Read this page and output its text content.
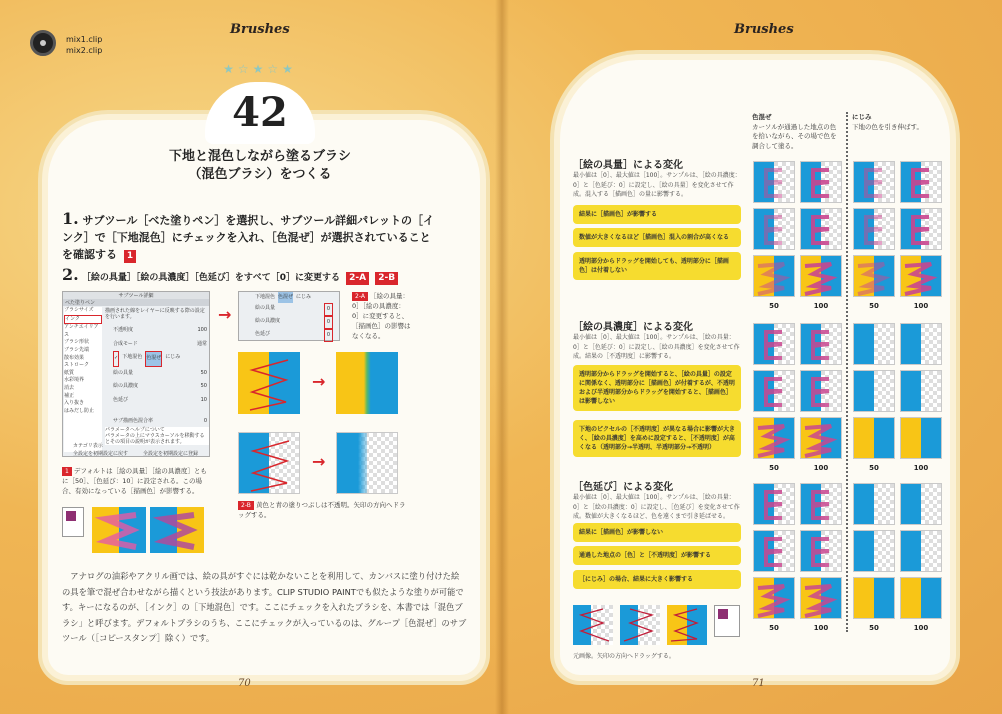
Brushes	Brushes
mix1.clip
mix2.clip
★☆★☆★
42
下地と混色しながら塗るブラシ
（混色ブラシ）をつくる
1. サブツール［べた塗りペン］を選択し、サブツール詳細パレットの［インク］で［下地混色］にチェックを入れ、［色混ぜ］が選択されていることを確認する 1
2. ［絵の具量］［絵の具濃度］［色延び］をすべて［0］に変更する 2-A 2-B
サブツール詳細
べた塗りペン
ブラシサイズ
インク
アンチエイリアス
ブラシ形状
ブラシ先端
散布効果
ストローク
紙質
水彩境界
消去
補正
入り抜き
はみだし防止
描画された線をレイヤーに反映する際の設定を行います。
不透明度	100
合成モード	通常
✓ 下地混色 色混ぜ にじみ
絵の具量	50
絵の具濃度	50
色延び	10
サブ描画色混合率	0
パラメータヘルプについて
パラメータの上にマウスカーソルを移動するとその項目の説明が表示されます。
カテゴリ表示
全設定を初期設定に戻す	全設定を初期設定に登録
→
下地混色 色混ぜ にじみ
絵の具量	0
絵の具濃度	0
色延び	0
2-A ［絵の具量：0］［絵の具濃度：0］に変更すると、［描画色］の影響はなくなる。
→
→
2-B 黄色と青の塗りつぶしは不透明。矢印の方向へドラッグする。
1 デフォルトは［絵の具量］［絵の具濃度］ともに［50］、［色延び：10］に設定される。この場合、有効になっている［描画色］が影響する。
アナログの油彩やアクリル画では、絵の具がすぐには乾かないことを利用して、カンバスに塗り付けた絵の具を筆で混ぜ合わせながら描くという技法があります。CLIP STUDIO PAINTでも似たような塗りが可能です。キーになるのが、［インク］の［下地混色］です。ここにチェックを入れたブラシを、本書では「混色ブラシ」と呼びます。デフォルトブラシのうち、ここにチェックが入っているのは、グループ［色混ぜ］のサブツール（［コピースタンプ］除く）です。
70
色混ぜ
カーソルが通過した地点の色を拾いながら、その場で色を調合して塗る。
にじみ
下地の色を引き伸ばす。
［絵の具量］による変化
最小値は［0］、最大値は［100］。サンプルは、［絵の具濃度：0］と［色延び：0］に設定し、［絵の具量］を変化させて作成。混入する［描画色］の量に影響する。
結果に［描画色］が影響する
数値が大きくなるほど［描画色］混入の割合が高くなる
透明部分からドラッグを開始しても、透明部分に［描画色］は付着しない
50	100	50	100
［絵の具濃度］による変化
最小値は［0］、最大値は［100］。サンプルは、［絵の具量：0］と［色延び：0］に設定し、［絵の具濃度］を変化させて作成。結果の［不透明度］に影響する。
透明部分からドラッグを開始すると、［絵の具量］の設定に関係なく、透明部分に［描画色］が付着するが、不透明および半透明部分からドラッグを開始すると、［描画色］は影響しない
下地のピクセルの［不透明度］が異なる場合に影響が大きく、［絵の具濃度］を高めに設定すると、［不透明度］が高くなる（透明部分→半透明、半透明部分→不透明）
50	100	50	100
［色延び］による変化
最小値は［0］、最大値は［100］。サンプルは、［絵の具量：0］と［絵の具濃度：0］に設定し、［色延び］を変化させて作成。数値が大きくなるほど、色を遠くまで引き延ばせる。
結果に［描画色］が影響しない
通過した地点の［色］と［不透明度］が影響する
［にじみ］の場合、結果に大きく影響する
50	100	50	100
元画像。矢印の方向へドラッグする。
71
